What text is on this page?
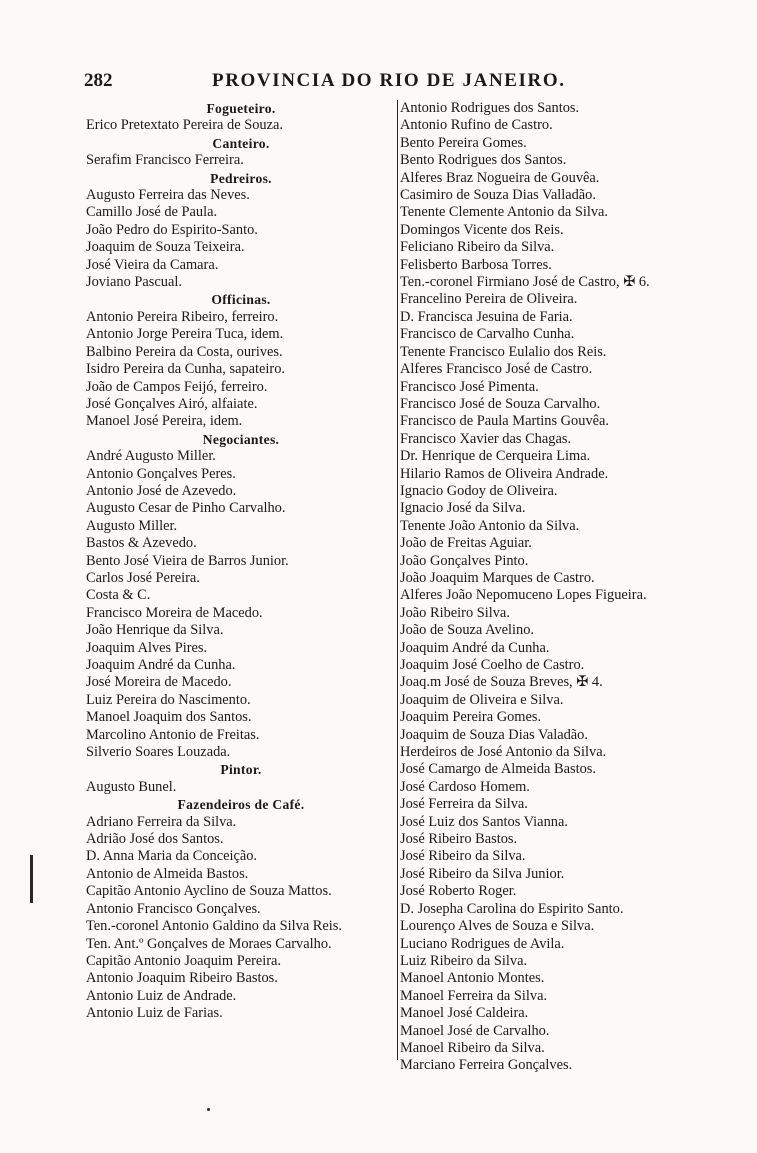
282	PROVINCIA DO RIO DE JANEIRO.
Fogueteiro.
Erico Pretextato Pereira de Souza.
Canteiro.
Serafim Francisco Ferreira.
Pedreiros.
Augusto Ferreira das Neves.
Camillo José de Paula.
João Pedro do Espirito-Santo.
Joaquim de Souza Teixeira.
José Vieira da Camara.
Joviano Pascual.
Officinas.
Antonio Pereira Ribeiro, ferreiro.
Antonio Jorge Pereira Tuca, idem.
Balbino Pereira da Costa, ourives.
Isidro Pereira da Cunha, sapateiro.
João de Campos Feijó, ferreiro.
José Gonçalves Airó, alfaiate.
Manoel José Pereira, idem.
Negociantes.
André Augusto Miller.
Antonio Gonçalves Peres.
Antonio José de Azevedo.
Augusto Cesar de Pinho Carvalho.
Augusto Miller.
Bastos & Azevedo.
Bento José Vieira de Barros Junior.
Carlos José Pereira.
Costa & C.
Francisco Moreira de Macedo.
João Henrique da Silva.
Joaquim Alves Pires.
Joaquim André da Cunha.
José Moreira de Macedo.
Luiz Pereira do Nascimento.
Manoel Joaquim dos Santos.
Marcolino Antonio de Freitas.
Silverio Soares Louzada.
Pintor.
Augusto Bunel.
Fazendeiros de Café.
Adriano Ferreira da Silva.
Adrião José dos Santos.
D. Anna Maria da Conceição.
Antonio de Almeida Bastos.
Capitão Antonio Ayclino de Souza Mattos.
Antonio Francisco Gonçalves.
Ten.-coronel Antonio Galdino da Silva Reis.
Ten. Ant.º Gonçalves de Moraes Carvalho.
Capitão Antonio Joaquim Pereira.
Antonio Joaquim Ribeiro Bastos.
Antonio Luiz de Andrade.
Antonio Luiz de Farias.
Antonio Rodrigues dos Santos.
Antonio Rufino de Castro.
Bento Pereira Gomes.
Bento Rodrigues dos Santos.
Alferes Braz Nogueira de Gouvêa.
Casimiro de Souza Dias Valladão.
Tenente Clemente Antonio da Silva.
Domingos Vicente dos Reis.
Feliciano Ribeiro da Silva.
Felisberto Barbosa Torres.
Ten.-coronel Firmiano José de Castro, ✠ 6.
Francelino Pereira de Oliveira.
D. Francisca Jesuina de Faria.
Francisco de Carvalho Cunha.
Tenente Francisco Eulalio dos Reis.
Alferes Francisco José de Castro.
Francisco José Pimenta.
Francisco José de Souza Carvalho.
Francisco de Paula Martins Gouvêa.
Francisco Xavier das Chagas.
Dr. Henrique de Cerqueira Lima.
Hilario Ramos de Oliveira Andrade.
Ignacio Godoy de Oliveira.
Ignacio José da Silva.
Tenente João Antonio da Silva.
João de Freitas Aguiar.
João Gonçalves Pinto.
João Joaquim Marques de Castro.
Alferes João Nepomuceno Lopes Figueira.
João Ribeiro Silva.
João de Souza Avelino.
Joaquim André da Cunha.
Joaquim José Coelho de Castro.
Joaq.m José de Souza Breves, ✠ 4.
Joaquim de Oliveira e Silva.
Joaquim Pereira Gomes.
Joaquim de Souza Dias Valadão.
Herdeiros de José Antonio da Silva.
José Camargo de Almeida Bastos.
José Cardoso Homem.
José Ferreira da Silva.
José Luiz dos Santos Vianna.
José Ribeiro Bastos.
José Ribeiro da Silva.
José Ribeiro da Silva Junior.
José Roberto Roger.
D. Josepha Carolina do Espirito Santo.
Lourenço Alves de Souza e Silva.
Luciano Rodrigues de Avila.
Luiz Ribeiro da Silva.
Manoel Antonio Montes.
Manoel Ferreira da Silva.
Manoel José Caldeira.
Manoel José de Carvalho.
Manoel Ribeiro da Silva.
Marciano Ferreira Gonçalves.
